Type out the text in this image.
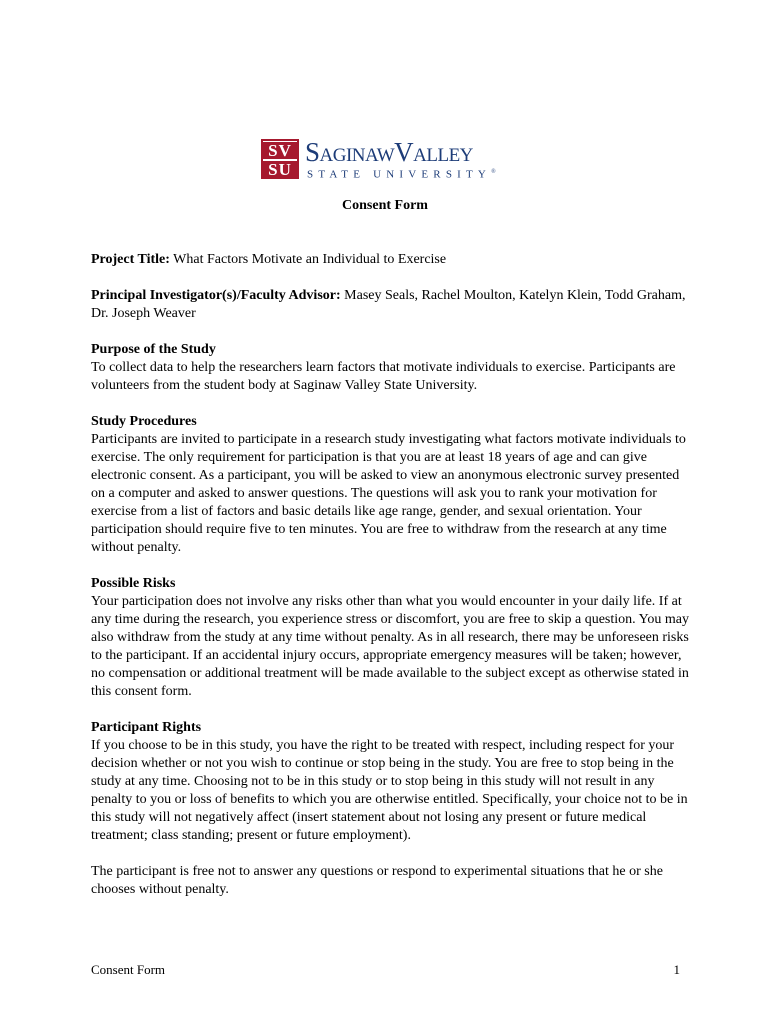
SV
SU
SaginawValley
STATE UNIVERSITY®
Consent Form

Project Title: What Factors Motivate an Individual to Exercise

Principal Investigator(s)/Faculty Advisor: Masey Seals, Rachel Moulton, Katelyn Klein, Todd Graham, Dr. Joseph Weaver

Purpose of the Study

To collect data to help the researchers learn factors that motivate individuals to exercise. Participants are volunteers from the student body at Saginaw Valley State University.

Study Procedures

Participants are invited to participate in a research study investigating what factors motivate individuals to exercise. The only requirement for participation is that you are at least 18 years of age and can give electronic consent. As a participant, you will be asked to view an anonymous electronic survey presented on a computer and asked to answer questions. The questions will ask you to rank your motivation for exercise from a list of factors and basic details like age range, gender, and sexual orientation. Your participation should require five to ten minutes. You are free to withdraw from the research at any time without penalty.

Possible Risks

Your participation does not involve any risks other than what you would encounter in your daily life. If at any time during the research, you experience stress or discomfort, you are free to skip a question. You may also withdraw from the study at any time without penalty. As in all research, there may be unforeseen risks to the participant. If an accidental injury occurs, appropriate emergency measures will be taken; however, no compensation or additional treatment will be made available to the subject except as otherwise stated in this consent form.

Participant Rights

If you choose to be in this study, you have the right to be treated with respect, including respect for your decision whether or not you wish to continue or stop being in the study. You are free to stop being in the study at any time. Choosing not to be in this study or to stop being in this study will not result in any penalty to you or loss of benefits to which you are otherwise entitled. Specifically, your choice not to be in this study will not negatively affect (insert statement about not losing any present or future medical treatment; class standing; present or future employment).

The participant is free not to answer any questions or respond to experimental situations that he or she chooses without penalty.

Consent Form	1
